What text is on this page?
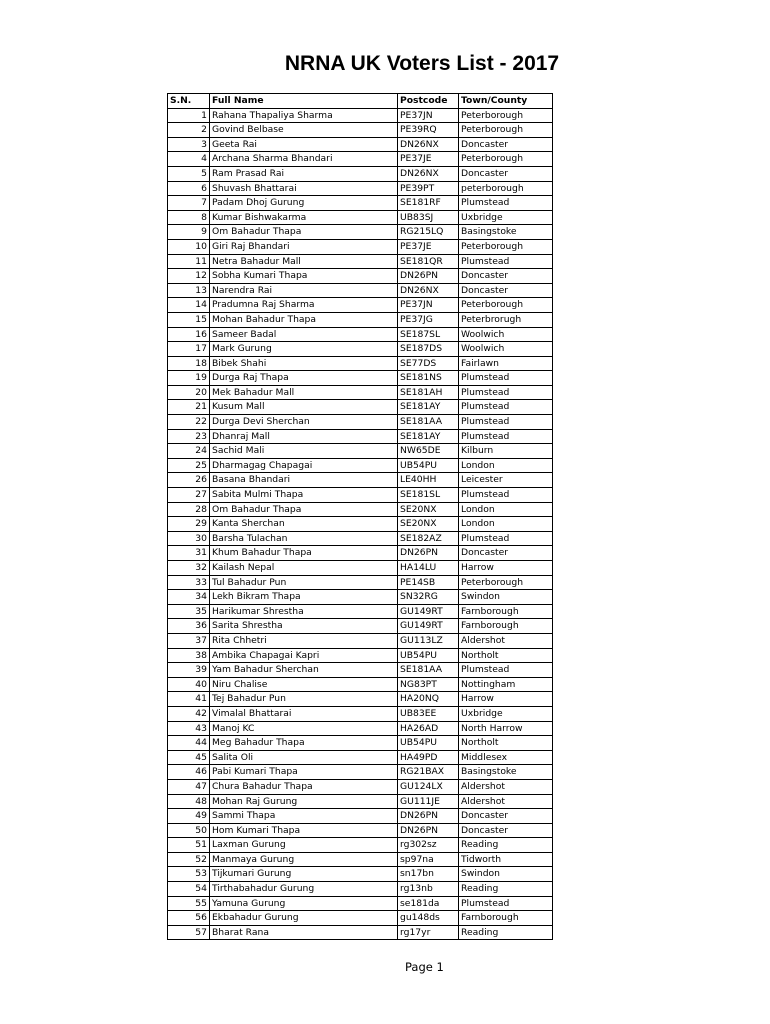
NRNA UK Voters List - 2017
S.N.	Full Name	Postcode	Town/County
1	Rahana Thapaliya Sharma	PE37JN	Peterborough
2	Govind Belbase	PE39RQ	Peterborough
3	Geeta Rai	DN26NX	Doncaster
4	Archana Sharma Bhandari	PE37JE	Peterborough
5	Ram Prasad Rai	DN26NX	Doncaster
6	Shuvash Bhattarai	PE39PT	peterborough
7	Padam Dhoj Gurung	SE181RF	Plumstead
8	Kumar Bishwakarma	UB83SJ	Uxbridge
9	Om Bahadur Thapa	RG215LQ	Basingstoke
10	Giri Raj Bhandari	PE37JE	Peterborough
11	Netra Bahadur Mall	SE181QR	Plumstead
12	Sobha Kumari Thapa	DN26PN	Doncaster
13	Narendra Rai	DN26NX	Doncaster
14	Pradumna Raj Sharma	PE37JN	Peterborough
15	Mohan Bahadur Thapa	PE37JG	Peterbrorugh
16	Sameer Badal	SE187SL	Woolwich
17	Mark Gurung	SE187DS	Woolwich
18	Bibek Shahi	SE77DS	Fairlawn
19	Durga Raj Thapa	SE181NS	Plumstead
20	Mek Bahadur Mall	SE181AH	Plumstead
21	Kusum Mall	SE181AY	Plumstead
22	Durga Devi Sherchan	SE181AA	Plumstead
23	Dhanraj Mall	SE181AY	Plumstead
24	Sachid Mali	NW65DE	Kilburn
25	Dharmagag Chapagai	UB54PU	London
26	Basana Bhandari	LE40HH	Leicester
27	Sabita Mulmi Thapa	SE181SL	Plumstead
28	Om Bahadur Thapa	SE20NX	London
29	Kanta Sherchan	SE20NX	London
30	Barsha Tulachan	SE182AZ	Plumstead
31	Khum Bahadur Thapa	DN26PN	Doncaster
32	Kailash Nepal	HA14LU	Harrow
33	Tul Bahadur Pun	PE14SB	Peterborough
34	Lekh Bikram Thapa	SN32RG	Swindon
35	Harikumar Shrestha	GU149RT	Farnborough
36	Sarita Shrestha	GU149RT	Farnborough
37	Rita Chhetri	GU113LZ	Aldershot
38	Ambika Chapagai Kapri	UB54PU	Northolt
39	Yam Bahadur Sherchan	SE181AA	Plumstead
40	Niru Chalise	NG83PT	Nottingham
41	Tej Bahadur Pun	HA20NQ	Harrow
42	Vimalal Bhattarai	UB83EE	Uxbridge
43	Manoj KC	HA26AD	North Harrow
44	Meg Bahadur Thapa	UB54PU	Northolt
45	Salita Oli	HA49PD	Middlesex
46	Pabi Kumari Thapa	RG21BAX	Basingstoke
47	Chura Bahadur Thapa	GU124LX	Aldershot
48	Mohan Raj Gurung	GU111JE	Aldershot
49	Sammi Thapa	DN26PN	Doncaster
50	Hom Kumari Thapa	DN26PN	Doncaster
51	Laxman Gurung	rg302sz	Reading
52	Manmaya Gurung	sp97na	Tidworth
53	Tijkumari Gurung	sn17bn	Swindon
54	Tirthabahadur Gurung	rg13nb	Reading
55	Yamuna Gurung	se181da	Plumstead
56	Ekbahadur Gurung	gu148ds	Farnborough
57	Bharat Rana	rg17yr	Reading
Page 1
